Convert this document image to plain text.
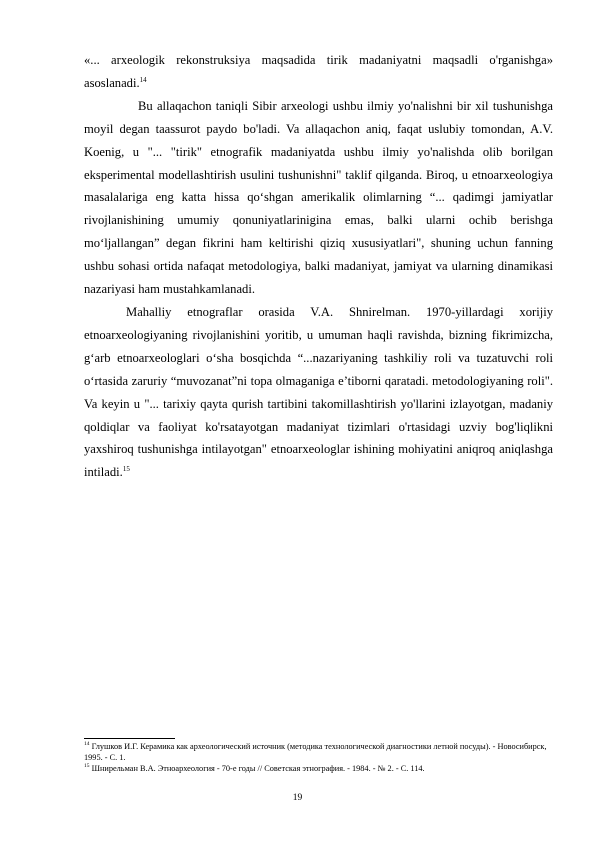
«... arxeologik rekonstruksiya maqsadida tirik madaniyatni maqsadli o'rganishga» asoslanadi.$^{14}$

Bu allaqachon taniqli Sibir arxeologi ushbu ilmiy yo'nalishni bir xil tushunishga moyil degan taassurot paydo bo'ladi. Va allaqachon aniq, faqat uslubiy tomondan, A.V. Koenig, u "... "tirik" etnografik madaniyatda ushbu ilmiy yo'nalishda olib borilgan eksperimental modellashtirish usulini tushunishni" taklif qilganda. Biroq, u etnoarxeologiya masalalariga eng katta hissa qo‘shgan amerikalik olimlarning “... qadimgi jamiyatlar rivojlanishining umumiy qonuniyatlarinigina emas, balki ularni ochib berishga mo‘ljallangan” degan fikrini ham keltirishi qiziq xususiyatlari", shuning uchun fanning ushbu sohasi ortida nafaqat metodologiya, balki madaniyat, jamiyat va ularning dinamikasi nazariyasi ham mustahkamlanadi.

Mahalliy etnograflar orasida V.A. Shnirelman. 1970-yillardagi xorijiy etnoarxeologiyaning rivojlanishini yoritib, u umuman haqli ravishda, bizning fikrimizcha, g‘arb etnoarxeologlari o‘sha bosqichda “...nazariyaning tashkiliy roli va tuzatuvchi roli o‘rtasida zaruriy “muvozanat”ni topa olmaganiga e’tiborni qaratadi. metodologiyaning roli". Va keyin u "... tarixiy qayta qurish tartibini takomillashtirish yo'llarini izlayotgan, madaniy qoldiqlar va faoliyat ko'rsatayotgan madaniyat tizimlari o'rtasidagi uzviy bog'liqlikni yaxshiroq tushunishga intilayotgan" etnoarxeologlar ishining mohiyatini aniqroq aniqlashga intiladi.$^{15}$

$^{14}$ Глушков И.Г. Керамика как археологический источник (методика технологической диагностики летной посуды). - Новосибирск, 1995. - С. 1.

$^{15}$ Шнирельман В.А. Этноархеология - 70-е годы // Советская этнография. - 1984. - № 2. - С. 114.

19
